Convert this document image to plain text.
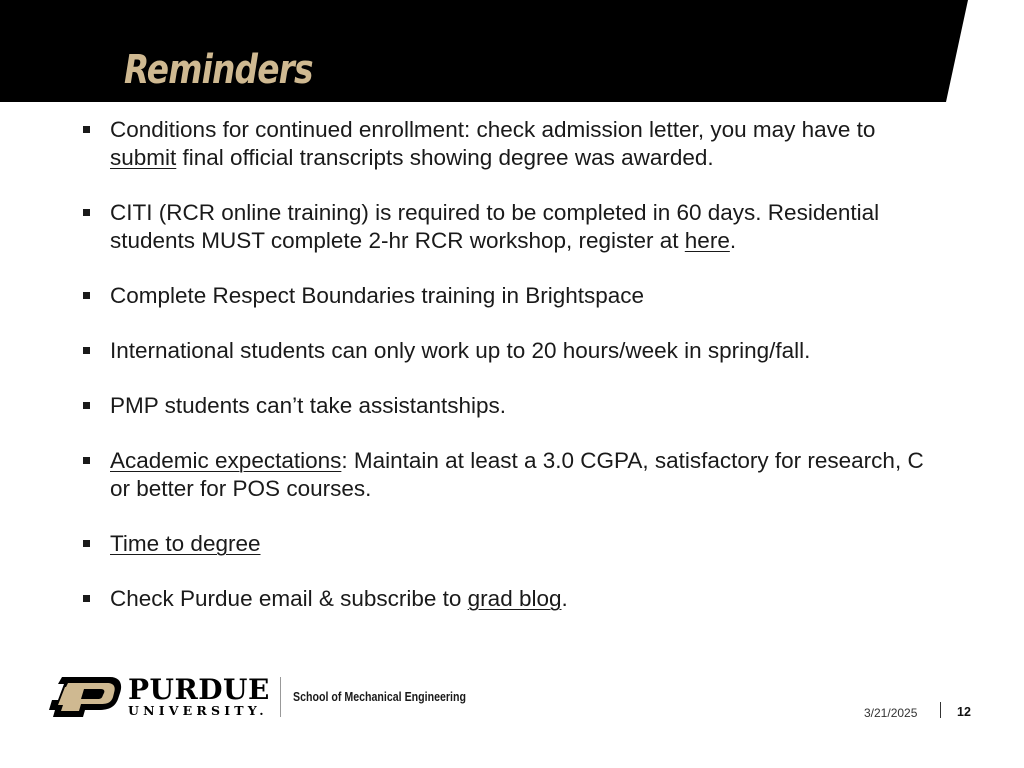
Reminders
Conditions for continued enrollment: check admission letter, you may have to submit final official transcripts showing degree was awarded.
CITI (RCR online training) is required to be completed in 60 days. Residential students MUST complete 2-hr RCR workshop, register at here.
Complete Respect Boundaries training in Brightspace
International students can only work up to 20 hours/week in spring/fall.
PMP students can’t take assistantships.
Academic expectations: Maintain at least a 3.0 CGPA, satisfactory for research, C or better for POS courses.
Time to degree
Check Purdue email & subscribe to grad blog.
PURDUE
UNIVERSITY.
School of Mechanical Engineering
3/21/2025	12
